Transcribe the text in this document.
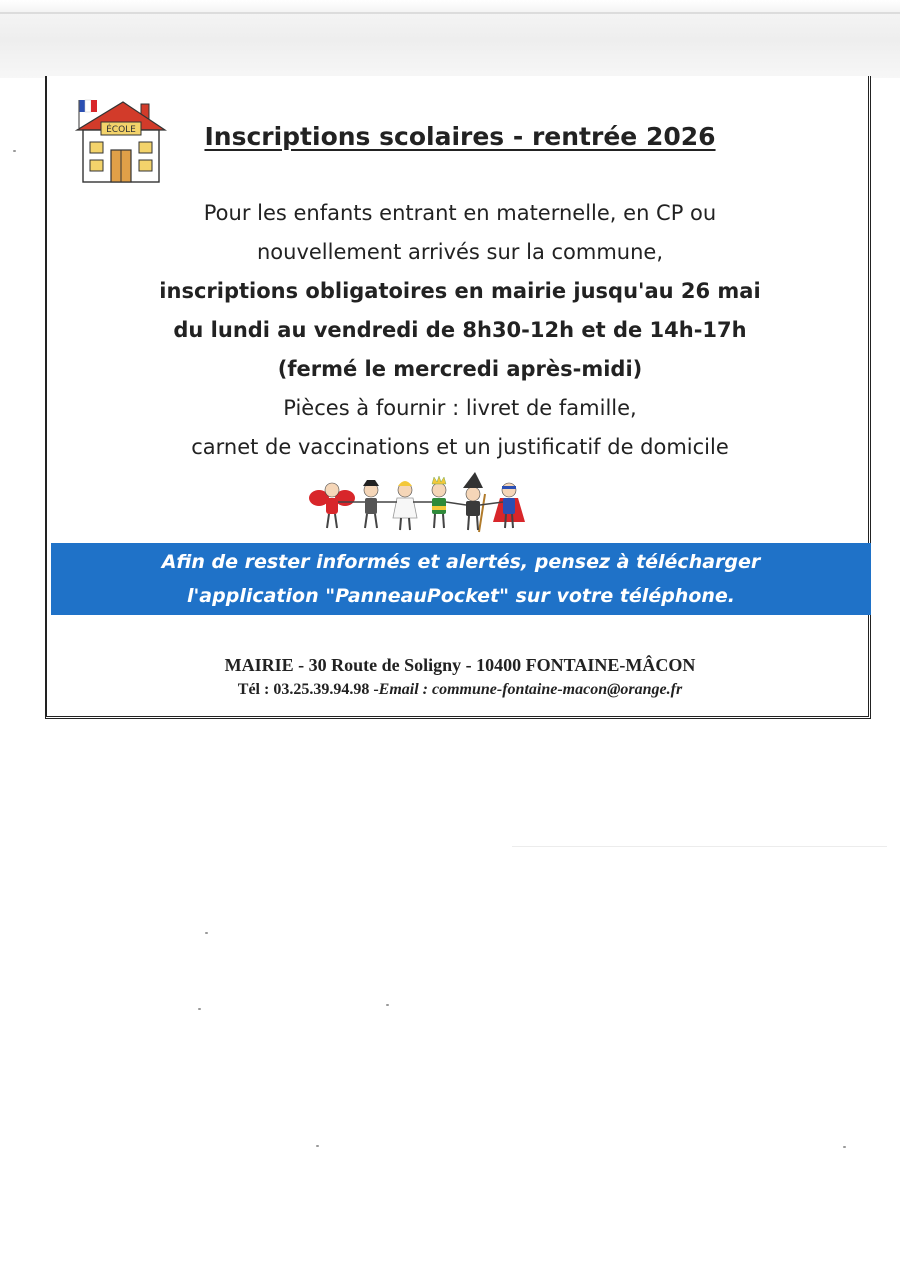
ÉCOLE	Inscriptions scolaires - rentrée 2026
Pour les enfants entrant en maternelle, en CP ou
nouvellement arrivés sur la commune,
inscriptions obligatoires en mairie jusqu'au 26 mai
du lundi au vendredi de 8h30-12h et de 14h-17h
(fermé le mercredi après-midi)
Pièces à fournir : livret de famille,
carnet de vaccinations et un justificatif de domicile
Afin de rester informés et alertés, pensez à télécharger
l'application "PanneauPocket" sur votre téléphone.
MAIRIE - 30 Route de Soligny - 10400 FONTAINE-MÂCON
Tél : 03.25.39.94.98 -Email : commune-fontaine-macon@orange.fr
